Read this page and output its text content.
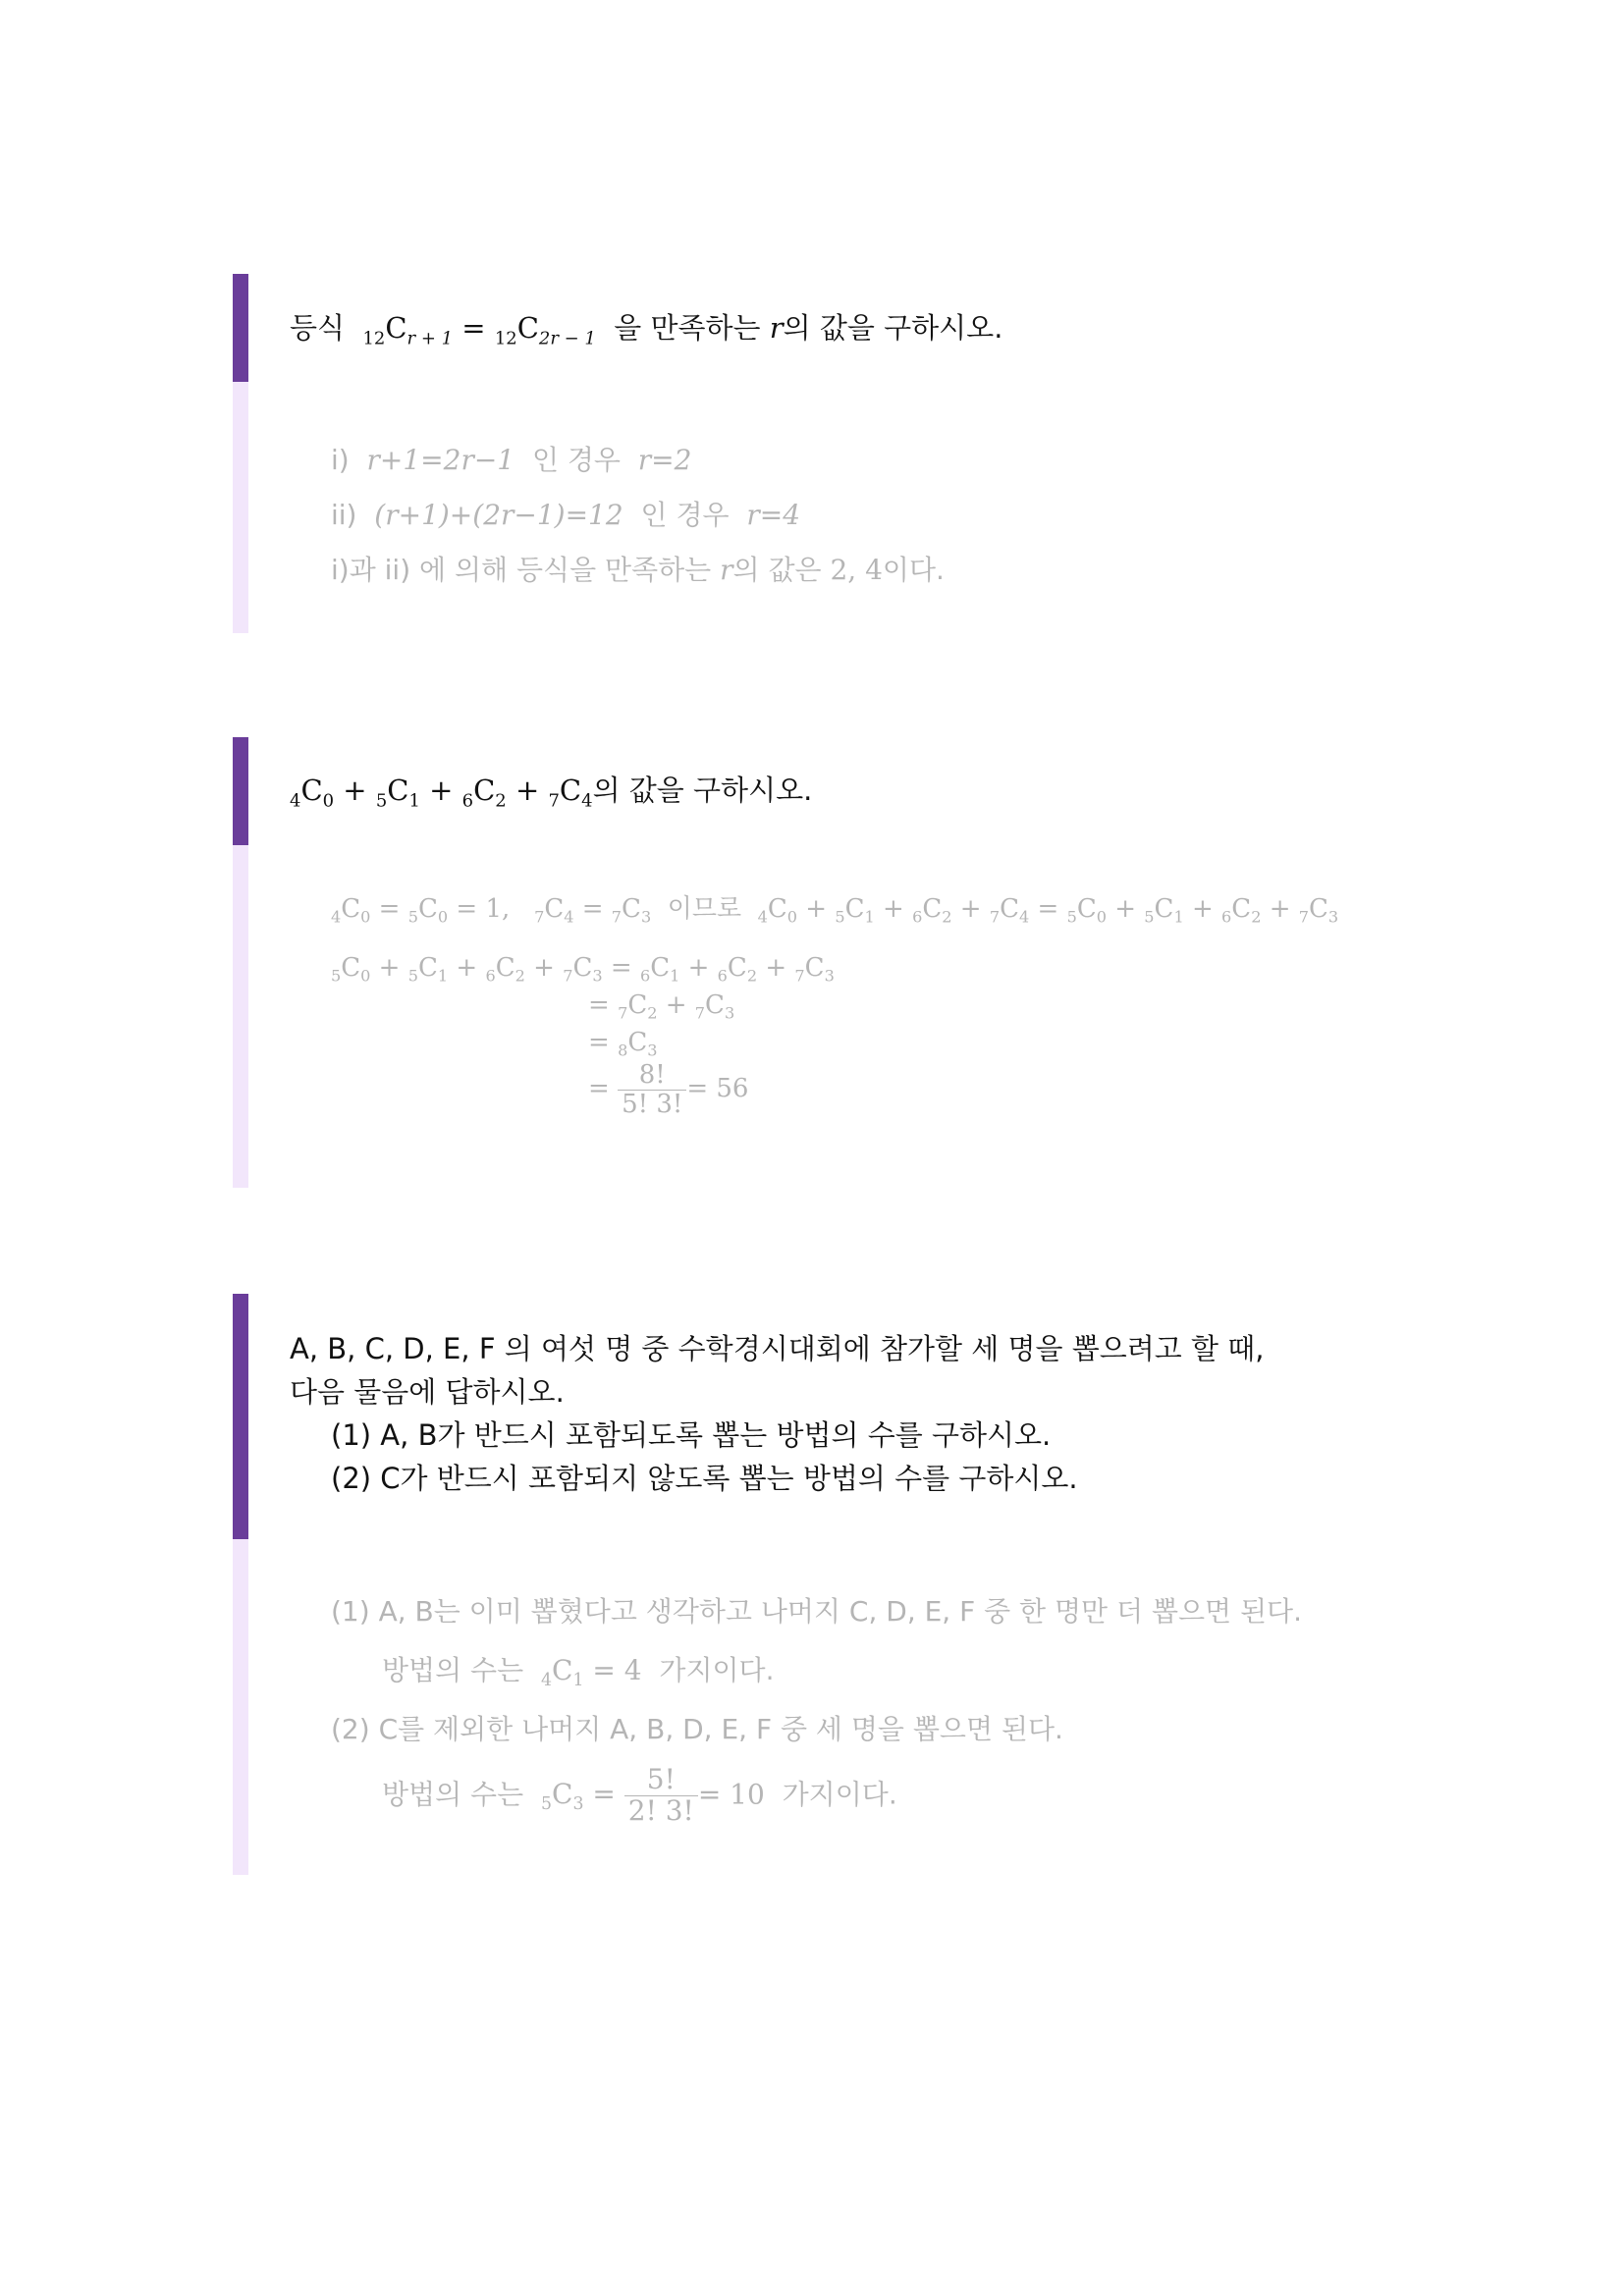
등식 $_{12}C_{r + 1} = _{12}C_{2r - 1}$ 을 만족하는 r의 값을 구하시오.
i) r+1=2r−1 인 경우 r=2
ii) (r+1)+(2r−1)=12 인 경우 r=4
i)과 ii) 에 의해 등식을 만족하는 r의 값은 2, 4이다.
$_4C_0 + _5C_1 + _6C_2 + _7C_4$의 값을 구하시오.
$_4C_0 = _5C_0 = 1$,   $_7C_4 = _7C_3$ 이므로 $_4C_0 + _5C_1 + _6C_2 + _7C_4 = _5C_0 + _5C_1 + _6C_2 + _7C_3$
$_5C_0 + _5C_1 + _6C_2 + _7C_3 = _6C_1 + _6C_2 + _7C_3$
= $_7C_2 + _7C_3$
= $_8C_3$
= $\frac{8!}{5! 3!} = 56$
A, B, C, D, E, F 의 여섯 명 중 수학경시대회에 참가할 세 명을 뽑으려고 할 때,
다음 물음에 답하시오.
(1) A, B가 반드시 포함되도록 뽑는 방법의 수를 구하시오.
(2) C가 반드시 포함되지 않도록 뽑는 방법의 수를 구하시오.
(1) A, B는 이미 뽑혔다고 생각하고 나머지 C, D, E, F 중 한 명만 더 뽑으면 된다.
방법의 수는 $_4C_1 = 4$ 가지이다.
(2) C를 제외한 나머지 A, B, D, E, F 중 세 명을 뽑으면 된다.
방법의 수는 $_5C_3 = \frac{5!}{2! 3!} = 10$ 가지이다.
